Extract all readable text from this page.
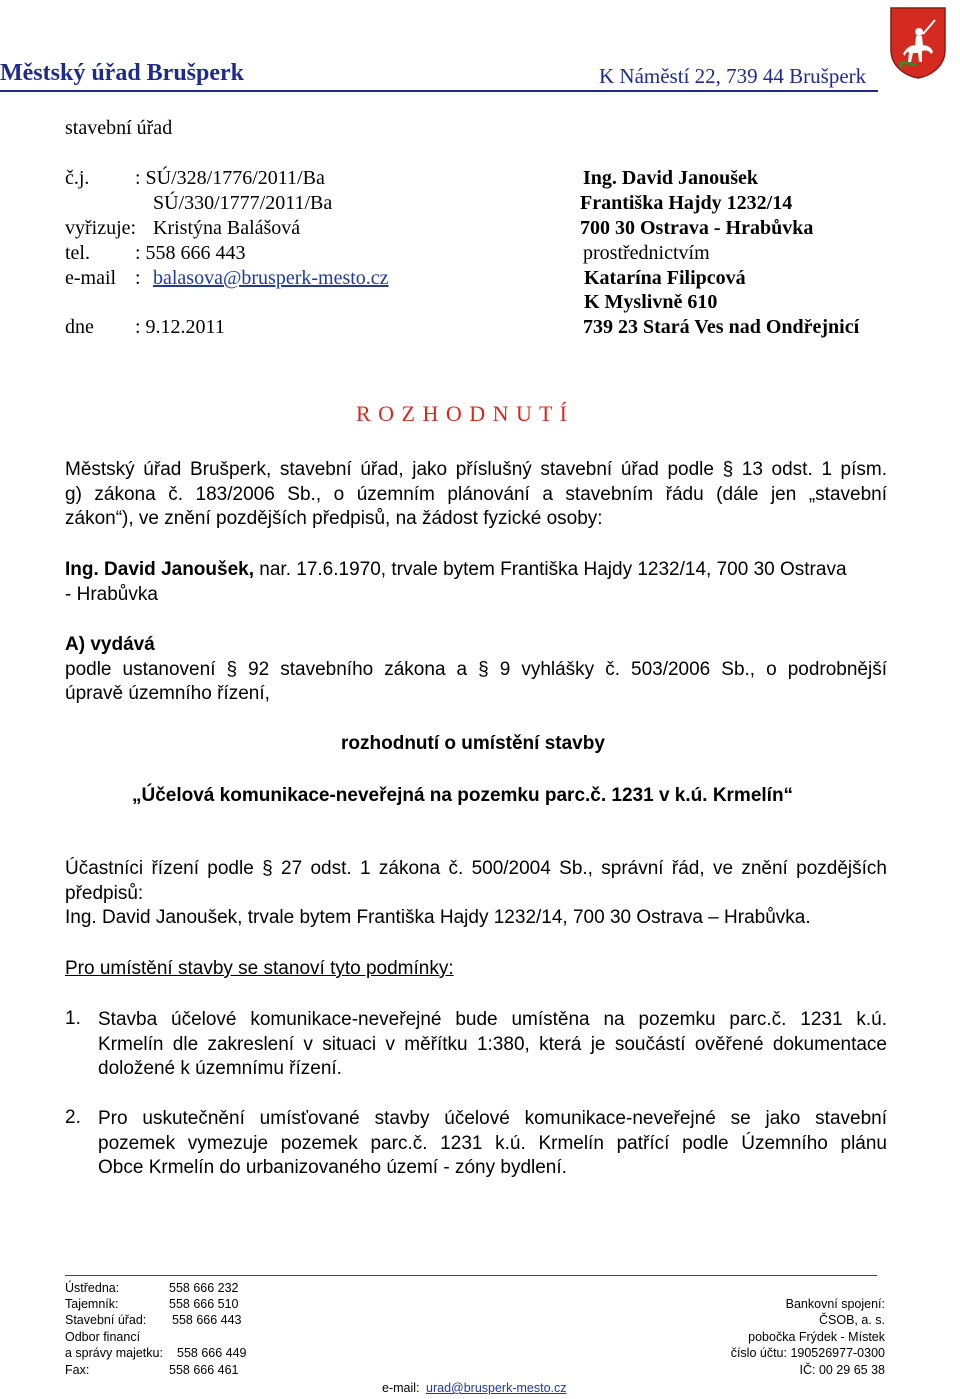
Městský úřad Brušperk	K Náměstí 22, 739 44 Brušperk
stavební úřad
č.j. : SÚ/328/1776/2011/Ba
SÚ/330/1777/2011/Ba
vyřizuje: Kristýna Balášová
tel. : 558 666 443
e-mail : balasova@brusperk-mesto.cz
dne : 9.12.2011
Ing. David Janoušek
Františka Hajdy 1232/14
700 30 Ostrava - Hrabůvka
prostřednictvím
Katarína Filipcová
K Myslivně 610
739 23 Stará Ves nad Ondřejnicí
R O Z H O D N U T Í
Městský úřad Brušperk, stavební úřad, jako příslušný stavební úřad podle § 13 odst. 1 písm.
g) zákona č. 183/2006 Sb., o územním plánování a stavebním řádu (dále jen „stavební
zákon“), ve znění pozdějších předpisů, na žádost fyzické osoby:
Ing. David Janoušek, nar. 17.6.1970, trvale bytem Františka Hajdy 1232/14, 700 30 Ostrava
- Hrabůvka
A) vydává
podle ustanovení § 92 stavebního zákona a § 9 vyhlášky č. 503/2006 Sb., o podrobnější
úpravě územního řízení,
rozhodnutí o umístění stavby
„Účelová komunikace-neveřejná na pozemku parc.č. 1231 v k.ú. Krmelín“
Účastníci řízení podle § 27 odst. 1 zákona č. 500/2004 Sb., správní řád, ve znění pozdějších
předpisů:
Ing. David Janoušek, trvale bytem Františka Hajdy 1232/14, 700 30 Ostrava – Hrabůvka.
Pro umístění stavby se stanoví tyto podmínky:
1. Stavba účelové komunikace-neveřejné bude umístěna na pozemku parc.č. 1231 k.ú.
Krmelín dle zakreslení v situaci v měřítku 1:380, která je součástí ověřené dokumentace
doložené k územnímu řízení.
2. Pro uskutečnění umísťované stavby účelové komunikace-neveřejné se jako stavební
pozemek vymezuje pozemek parc.č. 1231 k.ú. Krmelín patřící podle Územního plánu
Obce Krmelín do urbanizovaného území - zóny bydlení.
Ústředna:	558 666 232
Tajemník:	558 666 510
Stavební úřad: 558 666 443
Odbor financí
a správy majetku: 558 666 449
Fax:	558 666 461
Bankovní spojení:
ČSOB, a. s.
pobočka Frýdek - Místek
číslo účtu: 190526977-0300
IČ: 00 29 65 38
e-mail: urad@brusperk-mesto.cz
